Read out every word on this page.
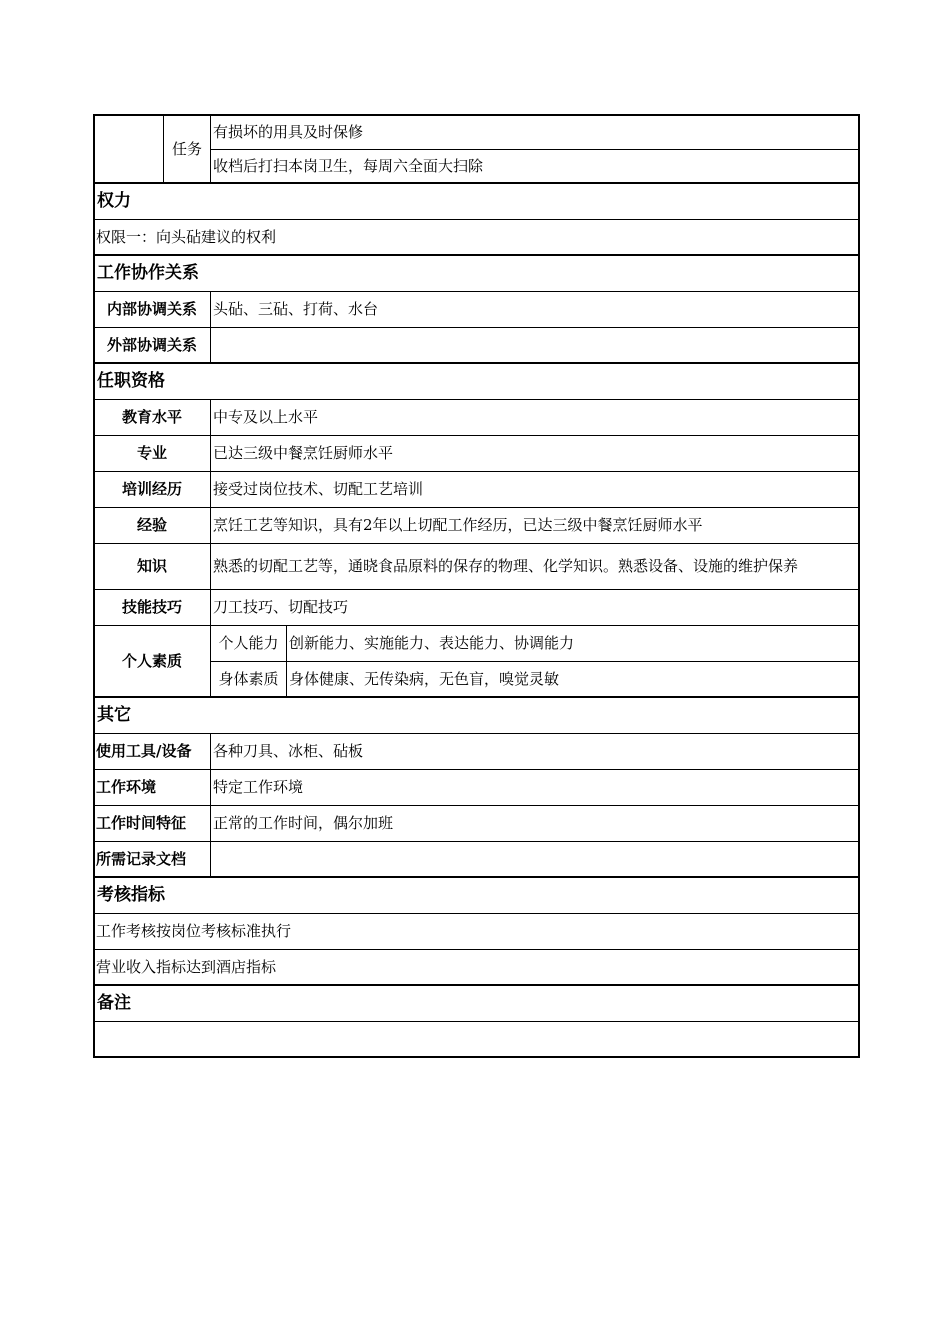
	任务	有损坏的用具及时保修	
		收档后打扫本岗卫生，每周六全面大扫除	
权力			
权限一：向头砧建议的权利			
工作协作关系			
内部协调关系		头砧、三砧、打荷、水台	
外部协调关系			
任职资格			
教育水平		中专及以上水平	
专业		已达三级中餐烹饪厨师水平	
培训经历		接受过岗位技术、切配工艺培训	
经验		烹饪工艺等知识，具有2年以上切配工作经历，已达三级中餐烹饪厨师水平	
知识		熟悉的切配工艺等，通晓食品原料的保存的物理、化学知识。熟悉设备、设施的维护保养	
技能技巧		刀工技巧、切配技巧	
个人素质		个人能力	创新能力、实施能力、表达能力、协调能力
		身体素质	身体健康、无传染病，无色盲，嗅觉灵敏
其它			
使用工具/设备		各种刀具、冰柜、砧板	
工作环境		特定工作环境	
工作时间特征		正常的工作时间，偶尔加班	
所需记录文档			
考核指标			
工作考核按岗位考核标准执行			
营业收入指标达到酒店指标			
备注			
